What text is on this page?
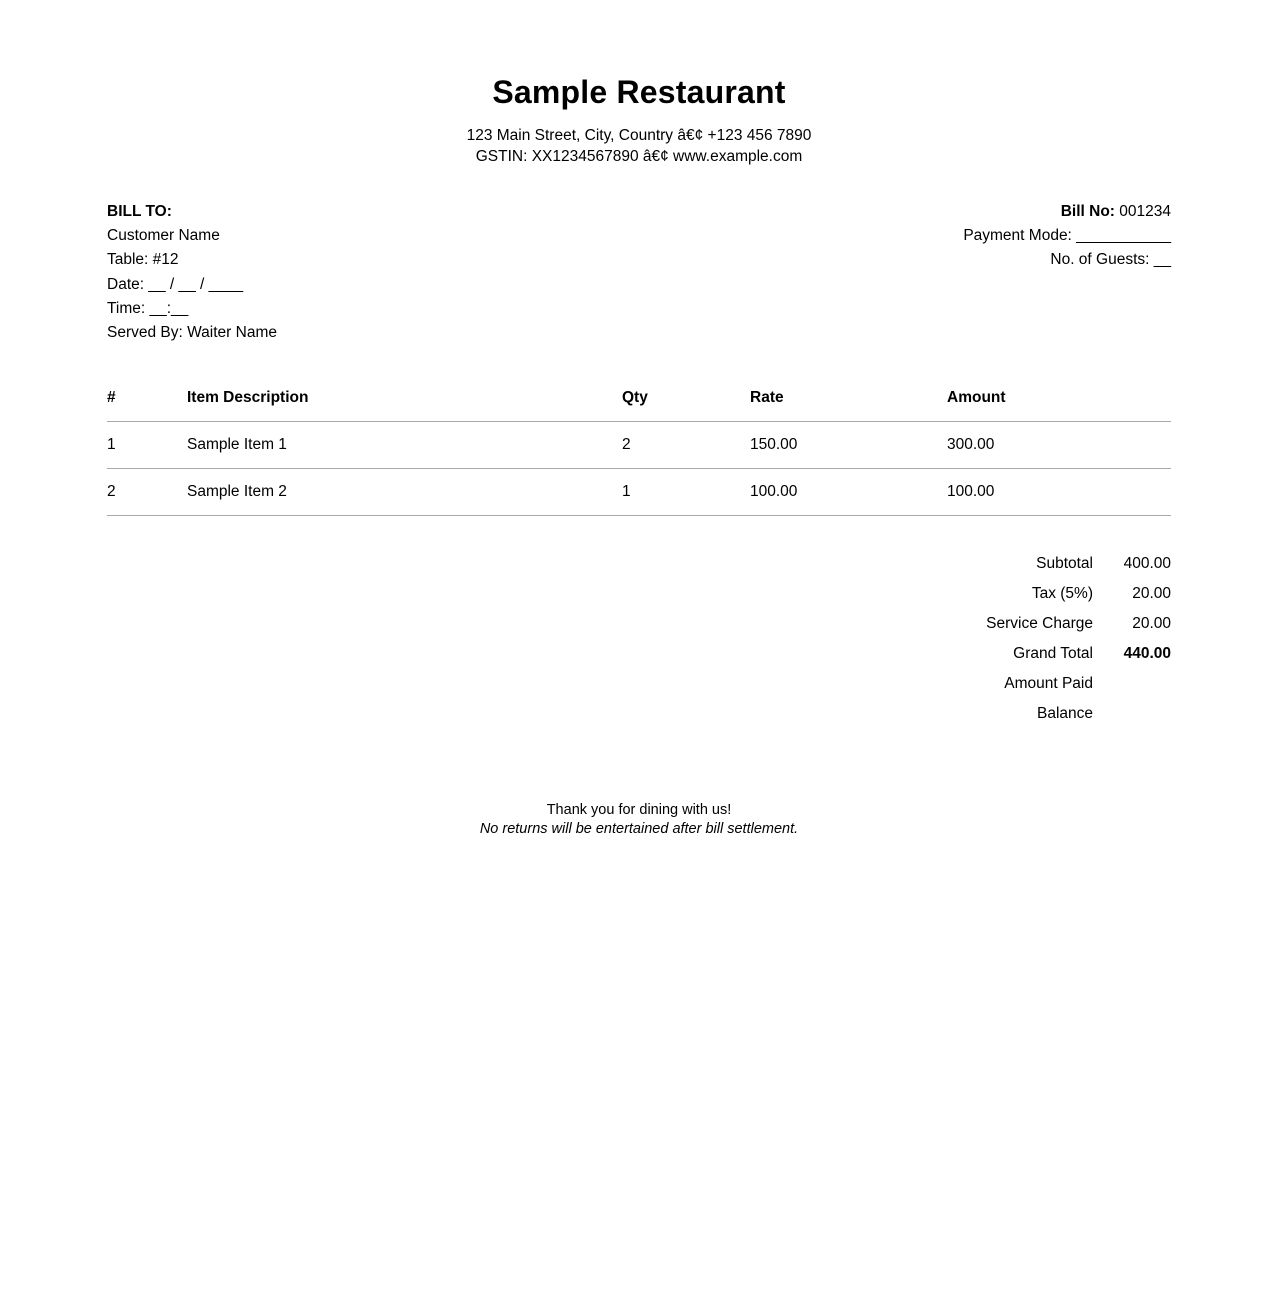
Sample Restaurant
123 Main Street, City, Country â€¢ +123 456 7890
GSTIN: XX1234567890 â€¢ www.example.com
BILL TO:
Customer Name
Table: #12
Date: __ / __ / ____
Time: __:__
Served By: Waiter Name
Bill No: 001234
Payment Mode: ___________
No. of Guests: __
#	Item Description	Qty	Rate	Amount
1	Sample Item 1	2	150.00	300.00
2	Sample Item 2	1	100.00	100.00
Subtotal	400.00
Tax (5%)	20.00
Service Charge	20.00
Grand Total	440.00
Amount Paid	
Balance	
Thank you for dining with us!
No returns will be entertained after bill settlement.
